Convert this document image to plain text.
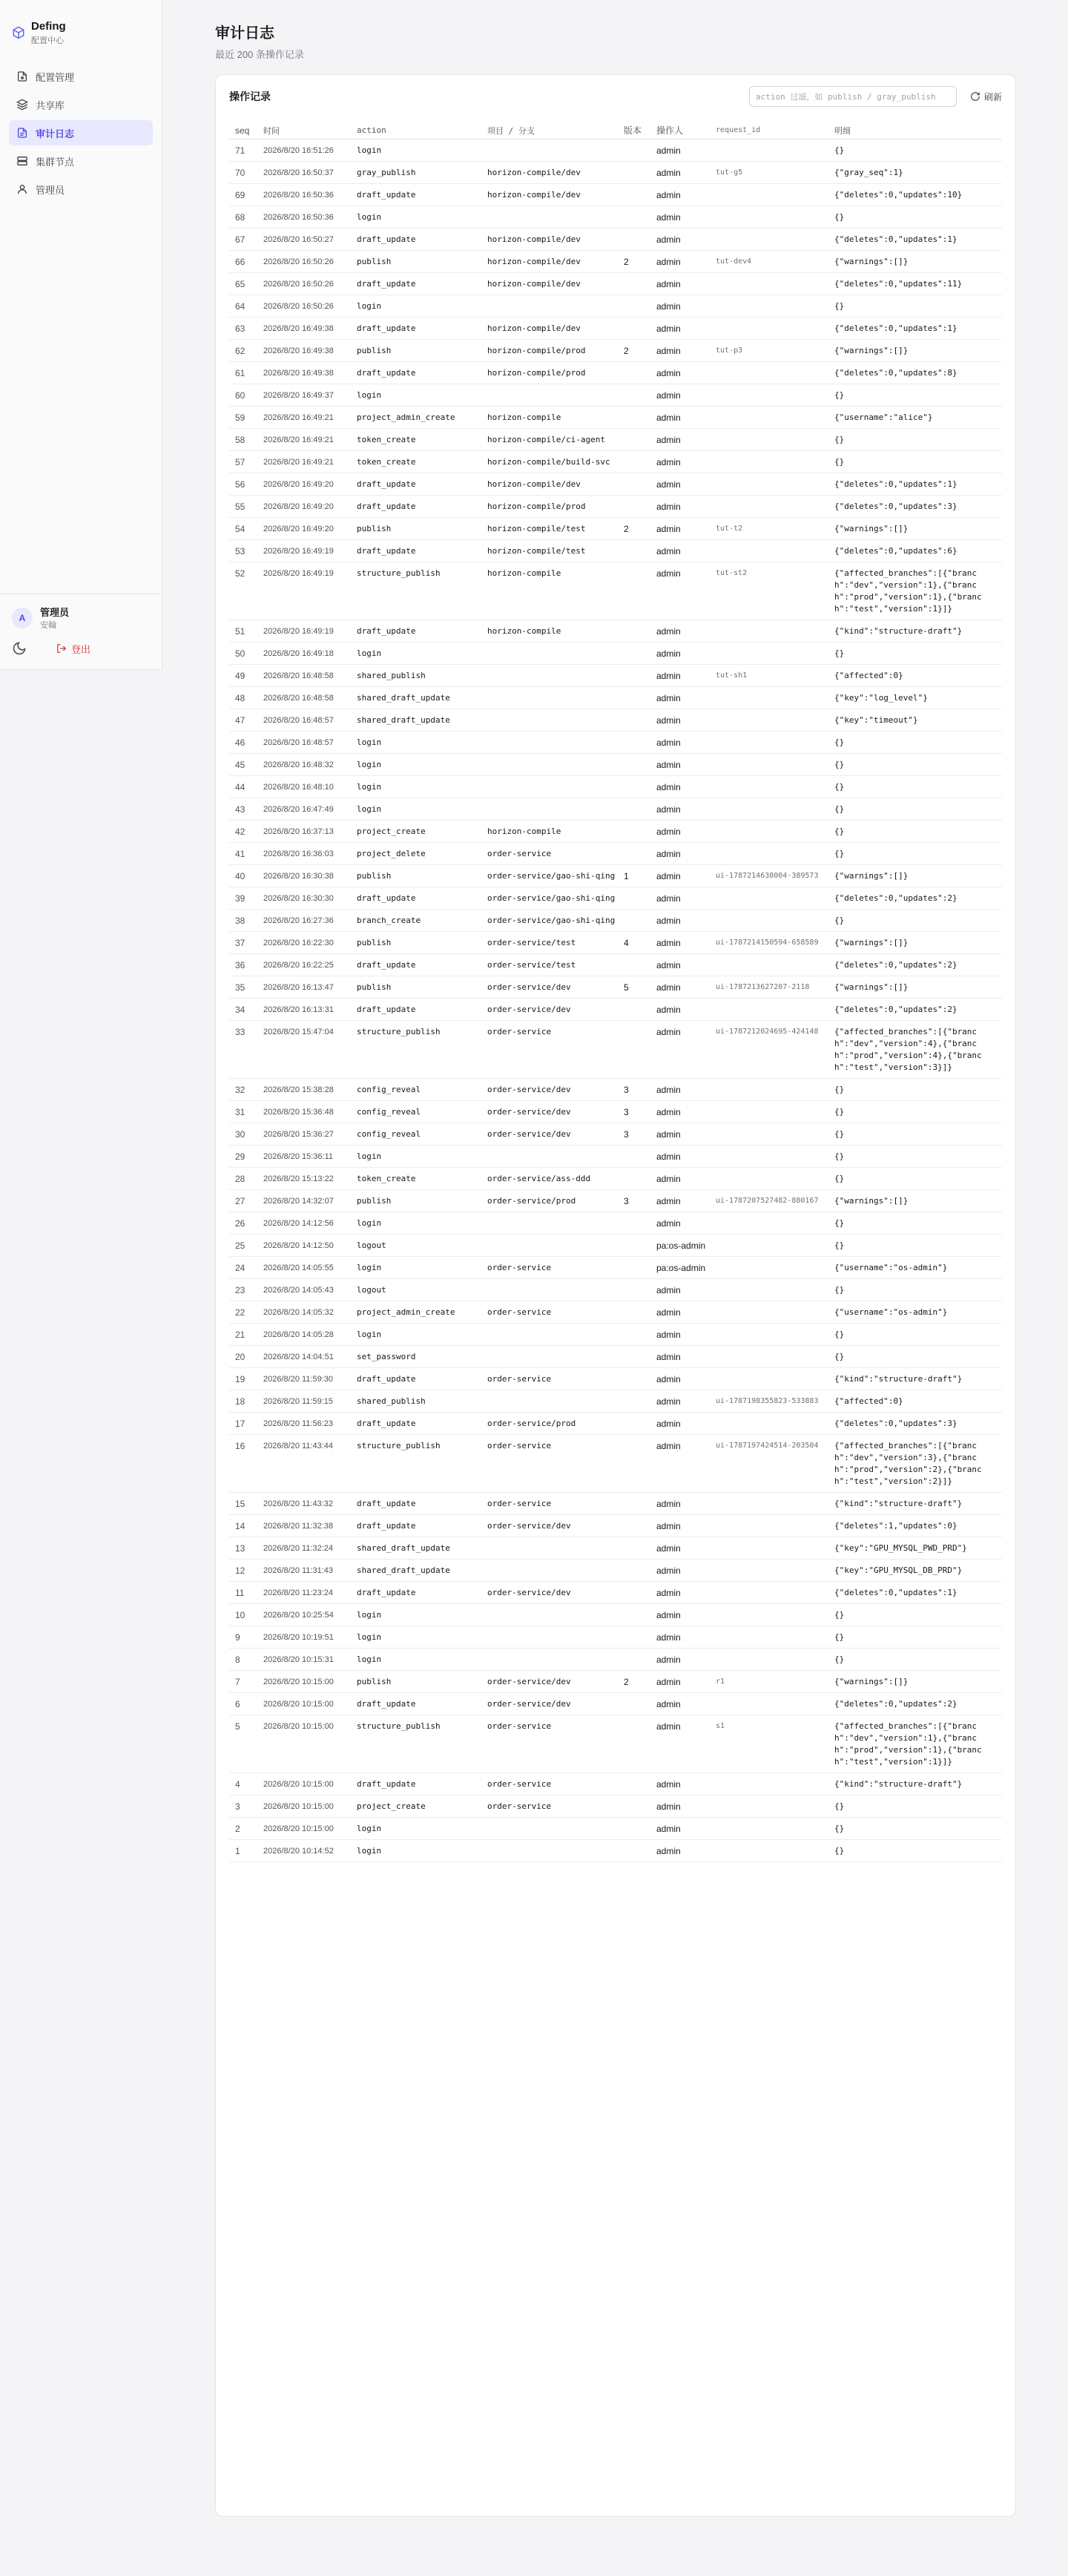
Defing
配置中心
配置管理
共享库
审计日志
集群节点
管理员
A	管理员
安翰
登出
审计日志
最近 200 条操作记录
操作记录
action 过滤，如 publish / gray_publish	刷新
seq	时间	action	项目 / 分支	版本	操作人	request_id	明细
71	2026/8/20 16:51:26	login			admin		{}
70	2026/8/20 16:50:37	gray_publish	horizon-compile/dev		admin	tut-g5	{"gray_seq":1}
69	2026/8/20 16:50:36	draft_update	horizon-compile/dev		admin		{"deletes":0,"updates":10}
68	2026/8/20 16:50:36	login			admin		{}
67	2026/8/20 16:50:27	draft_update	horizon-compile/dev		admin		{"deletes":0,"updates":1}
66	2026/8/20 16:50:26	publish	horizon-compile/dev	2	admin	tut-dev4	{"warnings":[]}
65	2026/8/20 16:50:26	draft_update	horizon-compile/dev		admin		{"deletes":0,"updates":11}
64	2026/8/20 16:50:26	login			admin		{}
63	2026/8/20 16:49:38	draft_update	horizon-compile/dev		admin		{"deletes":0,"updates":1}
62	2026/8/20 16:49:38	publish	horizon-compile/prod	2	admin	tut-p3	{"warnings":[]}
61	2026/8/20 16:49:38	draft_update	horizon-compile/prod		admin		{"deletes":0,"updates":8}
60	2026/8/20 16:49:37	login			admin		{}
59	2026/8/20 16:49:21	project_admin_create	horizon-compile		admin		{"username":"alice"}
58	2026/8/20 16:49:21	token_create	horizon-compile/ci-agent		admin		{}
57	2026/8/20 16:49:21	token_create	horizon-compile/build-svc		admin		{}
56	2026/8/20 16:49:20	draft_update	horizon-compile/dev		admin		{"deletes":0,"updates":1}
55	2026/8/20 16:49:20	draft_update	horizon-compile/prod		admin		{"deletes":0,"updates":3}
54	2026/8/20 16:49:20	publish	horizon-compile/test	2	admin	tut-t2	{"warnings":[]}
53	2026/8/20 16:49:19	draft_update	horizon-compile/test		admin		{"deletes":0,"updates":6}
52	2026/8/20 16:49:19	structure_publish	horizon-compile		admin	tut-st2	{"affected_branches":[{"branch":"dev","version":1},{"branch":"prod","version":1},{"branch":"test","version":1}]}
51	2026/8/20 16:49:19	draft_update	horizon-compile		admin		{"kind":"structure-draft"}
50	2026/8/20 16:49:18	login			admin		{}
49	2026/8/20 16:48:58	shared_publish			admin	tut-sh1	{"affected":0}
48	2026/8/20 16:48:58	shared_draft_update			admin		{"key":"log_level"}
47	2026/8/20 16:48:57	shared_draft_update			admin		{"key":"timeout"}
46	2026/8/20 16:48:57	login			admin		{}
45	2026/8/20 16:48:32	login			admin		{}
44	2026/8/20 16:48:10	login			admin		{}
43	2026/8/20 16:47:49	login			admin		{}
42	2026/8/20 16:37:13	project_create	horizon-compile		admin		{}
41	2026/8/20 16:36:03	project_delete	order-service		admin		{}
40	2026/8/20 16:30:38	publish	order-service/gao-shi-qing	1	admin	ui-1787214638004-389573	{"warnings":[]}
39	2026/8/20 16:30:30	draft_update	order-service/gao-shi-qing		admin		{"deletes":0,"updates":2}
38	2026/8/20 16:27:36	branch_create	order-service/gao-shi-qing		admin		{}
37	2026/8/20 16:22:30	publish	order-service/test	4	admin	ui-1787214150594-658589	{"warnings":[]}
36	2026/8/20 16:22:25	draft_update	order-service/test		admin		{"deletes":0,"updates":2}
35	2026/8/20 16:13:47	publish	order-service/dev	5	admin	ui-1787213627207-2118	{"warnings":[]}
34	2026/8/20 16:13:31	draft_update	order-service/dev		admin		{"deletes":0,"updates":2}
33	2026/8/20 15:47:04	structure_publish	order-service		admin	ui-1787212024695-424148	{"affected_branches":[{"branch":"dev","version":4},{"branch":"prod","version":4},{"branch":"test","version":3}]}
32	2026/8/20 15:38:28	config_reveal	order-service/dev	3	admin		{}
31	2026/8/20 15:36:48	config_reveal	order-service/dev	3	admin		{}
30	2026/8/20 15:36:27	config_reveal	order-service/dev	3	admin		{}
29	2026/8/20 15:36:11	login			admin		{}
28	2026/8/20 15:13:22	token_create	order-service/ass-ddd		admin		{}
27	2026/8/20 14:32:07	publish	order-service/prod	3	admin	ui-1787207527482-880167	{"warnings":[]}
26	2026/8/20 14:12:56	login			admin		{}
25	2026/8/20 14:12:50	logout			pa:os-admin		{}
24	2026/8/20 14:05:55	login	order-service		pa:os-admin		{"username":"os-admin"}
23	2026/8/20 14:05:43	logout			admin		{}
22	2026/8/20 14:05:32	project_admin_create	order-service		admin		{"username":"os-admin"}
21	2026/8/20 14:05:28	login			admin		{}
20	2026/8/20 14:04:51	set_password			admin		{}
19	2026/8/20 11:59:30	draft_update	order-service		admin		{"kind":"structure-draft"}
18	2026/8/20 11:59:15	shared_publish			admin	ui-1787198355823-533883	{"affected":0}
17	2026/8/20 11:56:23	draft_update	order-service/prod		admin		{"deletes":0,"updates":3}
16	2026/8/20 11:43:44	structure_publish	order-service		admin	ui-1787197424514-203504	{"affected_branches":[{"branch":"dev","version":3},{"branch":"prod","version":2},{"branch":"test","version":2}]}
15	2026/8/20 11:43:32	draft_update	order-service		admin		{"kind":"structure-draft"}
14	2026/8/20 11:32:38	draft_update	order-service/dev		admin		{"deletes":1,"updates":0}
13	2026/8/20 11:32:24	shared_draft_update			admin		{"key":"GPU_MYSQL_PWD_PRD"}
12	2026/8/20 11:31:43	shared_draft_update			admin		{"key":"GPU_MYSQL_DB_PRD"}
11	2026/8/20 11:23:24	draft_update	order-service/dev		admin		{"deletes":0,"updates":1}
10	2026/8/20 10:25:54	login			admin		{}
9	2026/8/20 10:19:51	login			admin		{}
8	2026/8/20 10:15:31	login			admin		{}
7	2026/8/20 10:15:00	publish	order-service/dev	2	admin	r1	{"warnings":[]}
6	2026/8/20 10:15:00	draft_update	order-service/dev		admin		{"deletes":0,"updates":2}
5	2026/8/20 10:15:00	structure_publish	order-service		admin	s1	{"affected_branches":[{"branch":"dev","version":1},{"branch":"prod","version":1},{"branch":"test","version":1}]}
4	2026/8/20 10:15:00	draft_update	order-service		admin		{"kind":"structure-draft"}
3	2026/8/20 10:15:00	project_create	order-service		admin		{}
2	2026/8/20 10:15:00	login			admin		{}
1	2026/8/20 10:14:52	login			admin		{}
